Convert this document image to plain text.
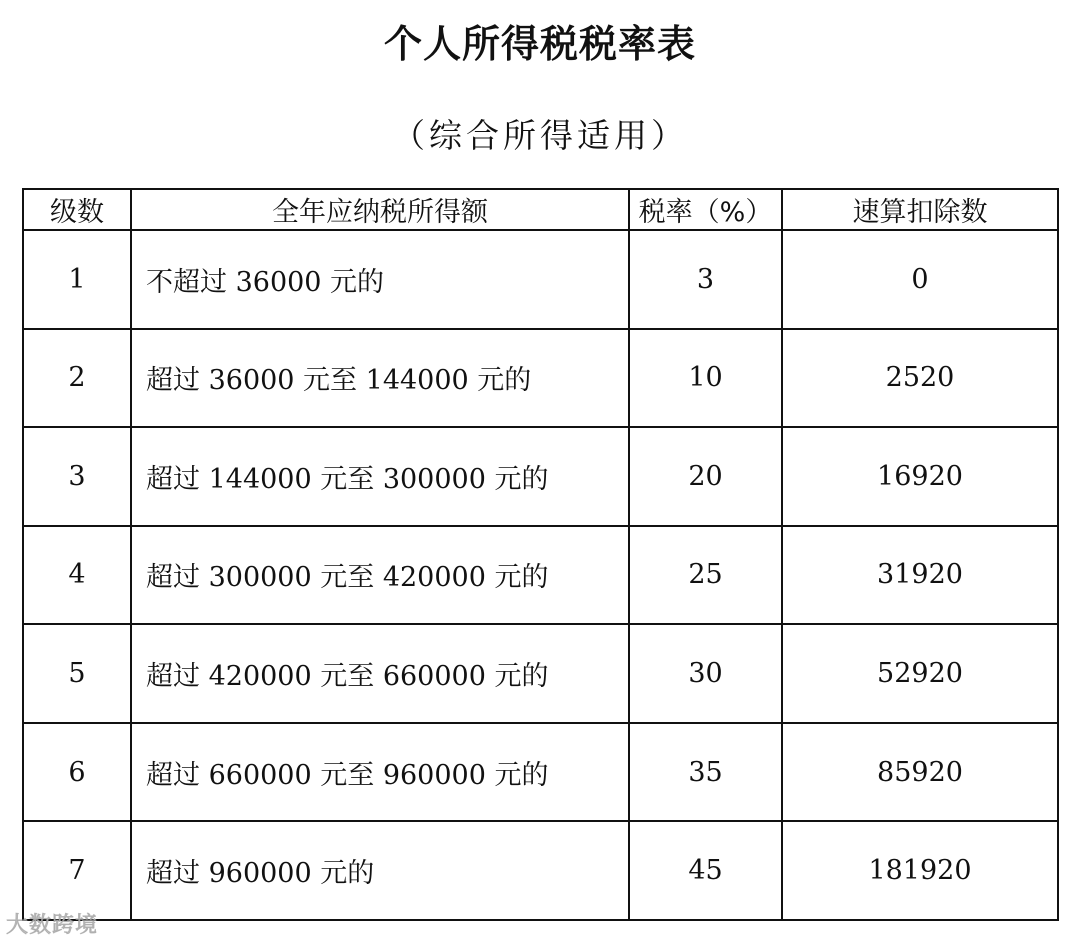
个人所得税税率表
（综合所得适用）
级数	全年应纳税所得额	税率（%）	速算扣除数
1	不超过 36000 元的	3	0
2	超过 36000 元至 144000 元的	10	2520
3	超过 144000 元至 300000 元的	20	16920
4	超过 300000 元至 420000 元的	25	31920
5	超过 420000 元至 660000 元的	30	52920
6	超过 660000 元至 960000 元的	35	85920
7	超过 960000 元的	45	181920
大数跨境
